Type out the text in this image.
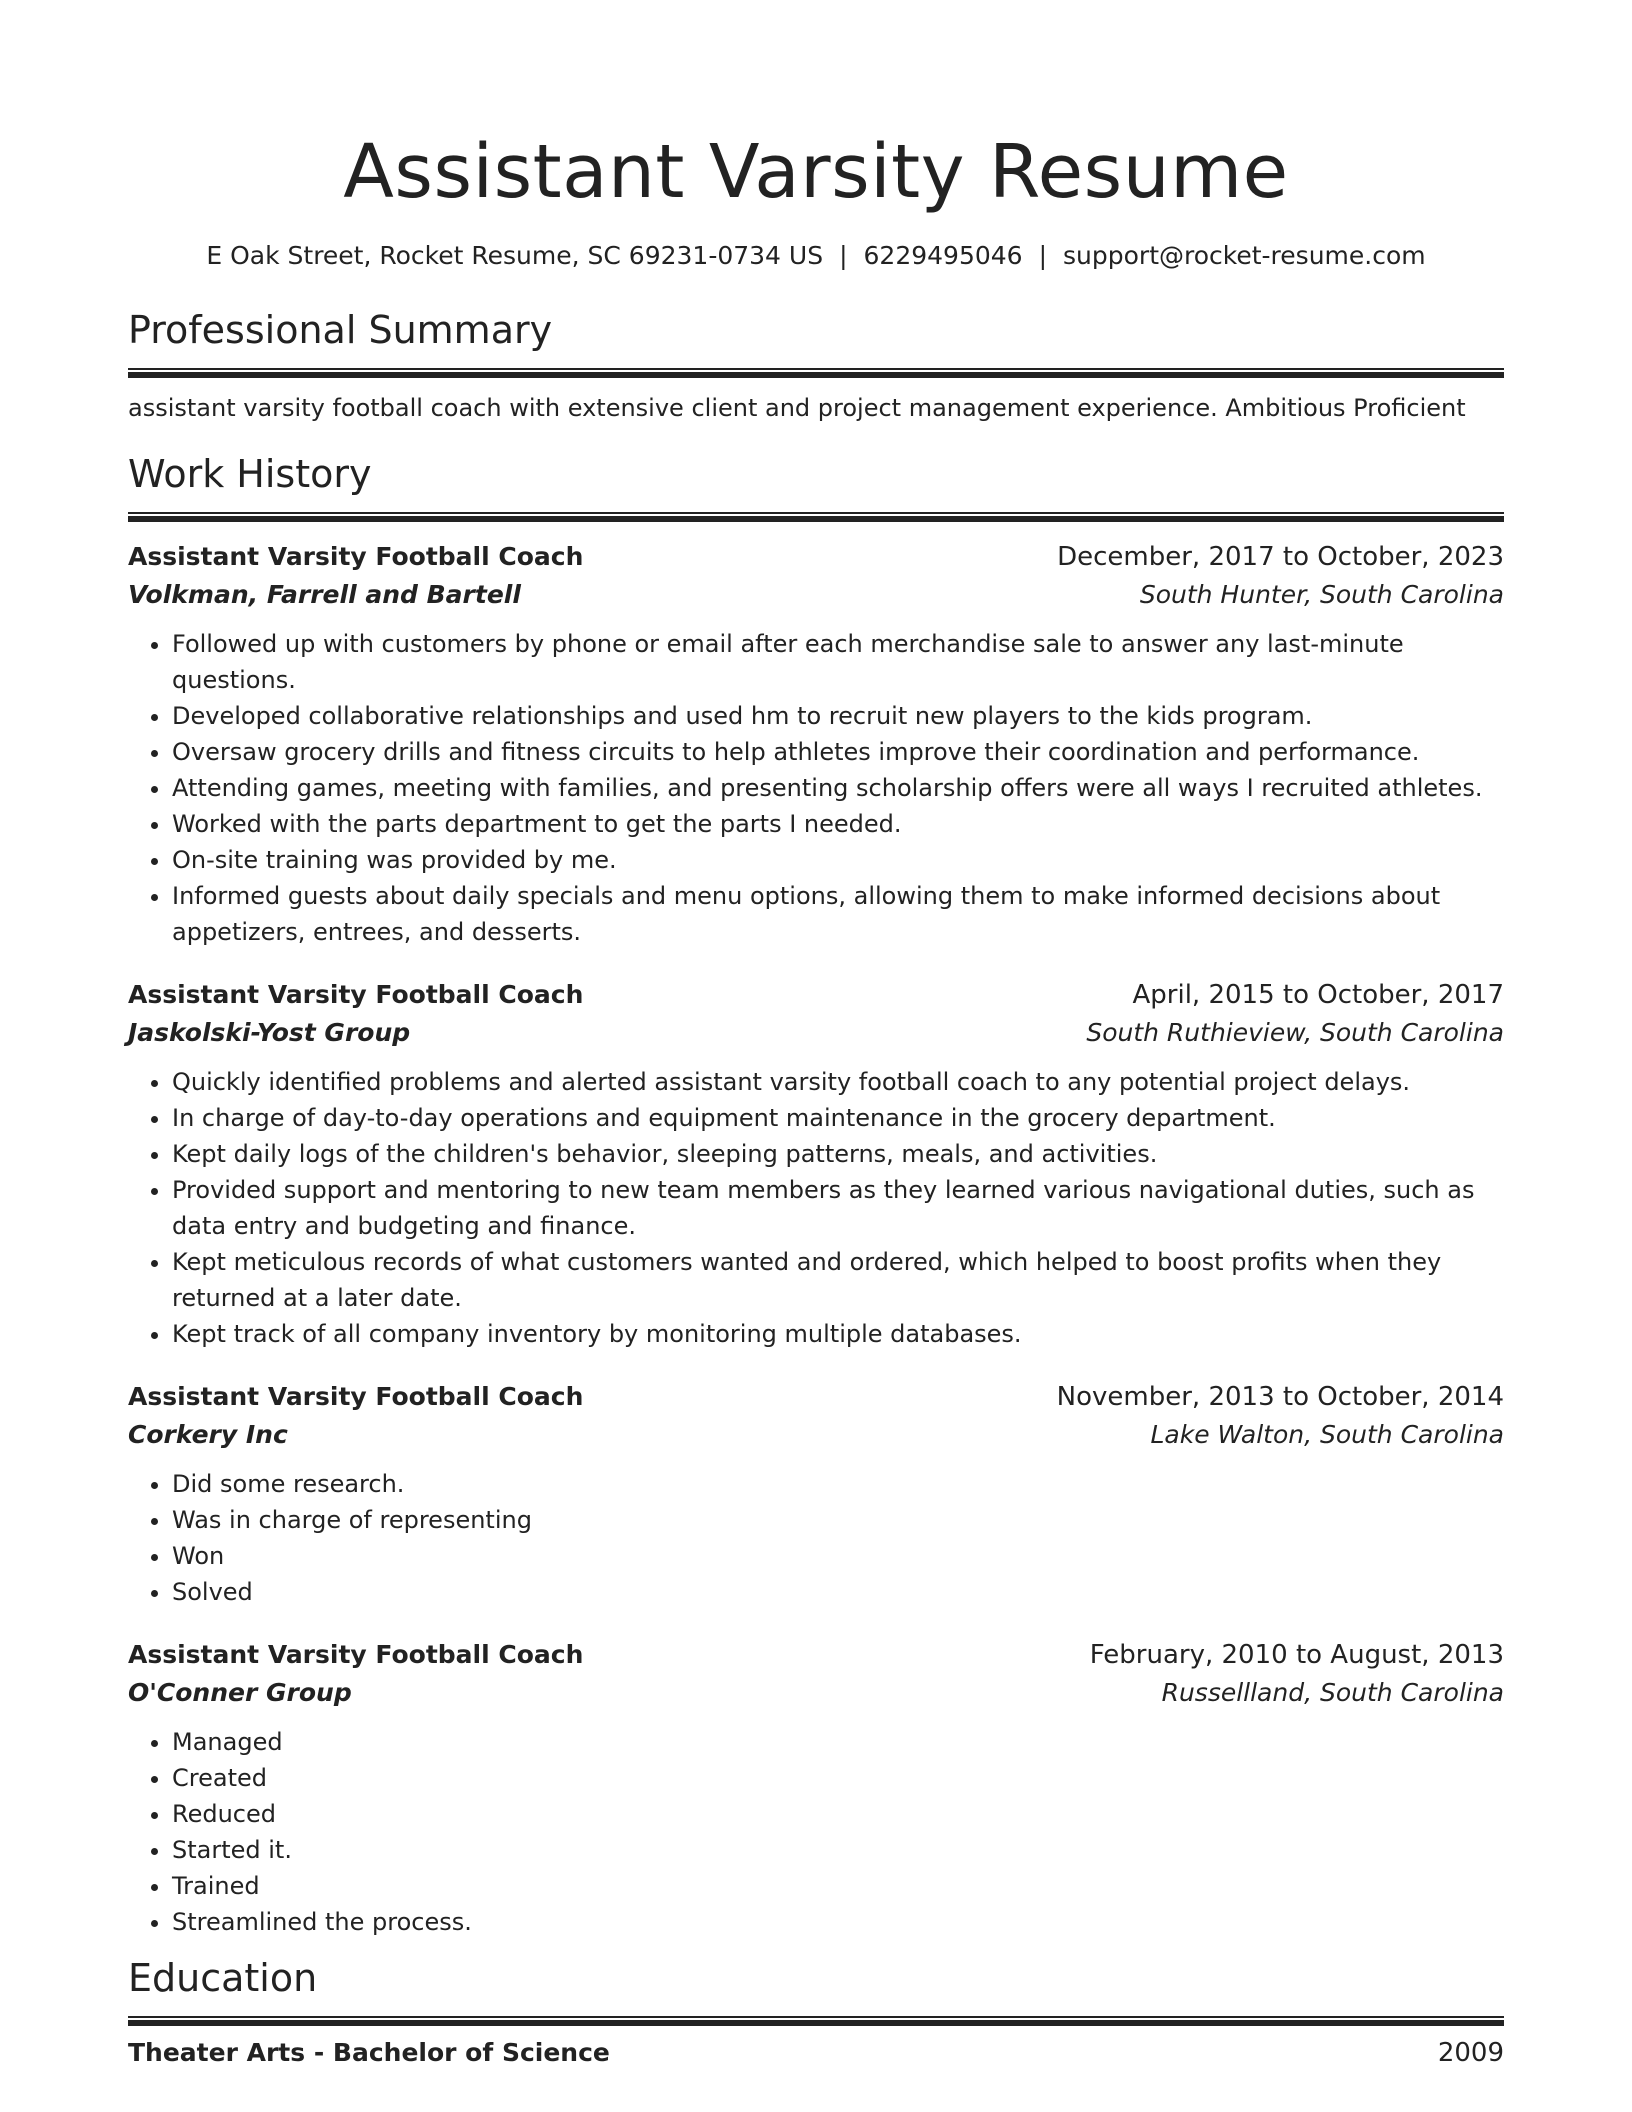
Assistant Varsity Resume
E Oak Street, Rocket Resume, SC 69231-0734 US | 6229495046 | support@rocket-resume.com
Professional Summary

assistant varsity football coach with extensive client and project management experience. Ambitious Proficient

Work History
Assistant Varsity Football Coach	December, 2017 to October, 2023
Volkman, Farrell and Bartell	South Hunter, South Carolina
• Followed up with customers by phone or email after each merchandise sale to answer any last-minute questions.
• Developed collaborative relationships and used hm to recruit new players to the kids program.
• Oversaw grocery drills and fitness circuits to help athletes improve their coordination and performance.
• Attending games, meeting with families, and presenting scholarship offers were all ways I recruited athletes.
• Worked with the parts department to get the parts I needed.
• On-site training was provided by me.
• Informed guests about daily specials and menu options, allowing them to make informed decisions about appetizers, entrees, and desserts.
Assistant Varsity Football Coach	April, 2015 to October, 2017
Jaskolski-Yost Group	South Ruthieview, South Carolina
• Quickly identified problems and alerted assistant varsity football coach to any potential project delays.
• In charge of day-to-day operations and equipment maintenance in the grocery department.
• Kept daily logs of the children's behavior, sleeping patterns, meals, and activities.
• Provided support and mentoring to new team members as they learned various navigational duties, such as data entry and budgeting and finance.
• Kept meticulous records of what customers wanted and ordered, which helped to boost profits when they returned at a later date.
• Kept track of all company inventory by monitoring multiple databases.
Assistant Varsity Football Coach	November, 2013 to October, 2014
Corkery Inc	Lake Walton, South Carolina
• Did some research.
• Was in charge of representing
• Won
• Solved
Assistant Varsity Football Coach	February, 2010 to August, 2013
O'Conner Group	Russellland, South Carolina
• Managed
• Created
• Reduced
• Started it.
• Trained
• Streamlined the process.
Education
Theater Arts - Bachelor of Science	2009
